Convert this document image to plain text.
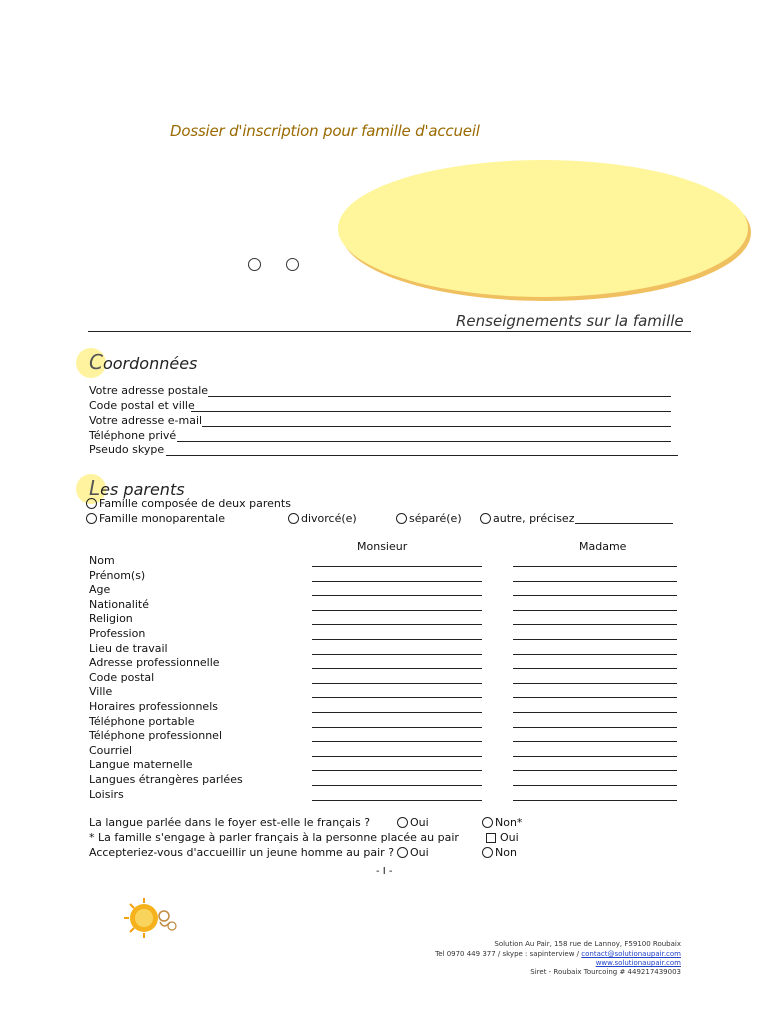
Dossier d'inscription pour famille d'accueil
Renseignements sur la famille
Coordonnées
Votre adresse postale
Code postal et ville
Votre adresse e-mail
Téléphone privé
Pseudo skype
Les parents
Famille composée de deux parents
Famille monoparentale	divorcé(e)	séparé(e)	autre, précisez
Monsieur	Madame
Nom
Prénom(s)
Age
Nationalité
Religion
Profession
Lieu de travail
Adresse professionnelle
Code postal
Ville
Horaires professionnels
Téléphone portable
Téléphone professionnel
Courriel
Langue maternelle
Langues étrangères parlées
Loisirs
La langue parlée dans le foyer est-elle le français ?	Oui	Non*
* La famille s'engage à parler français à la personne placée au pair	Oui
Accepteriez-vous d'accueillir un jeune homme au pair ? Oui	Non
- I -
Solution Au Pair, 158 rue de Lannoy, F59100 Roubaix
Tel 0970 449 377 / skype : sapinterview / contact@solutionaupair.com
www.solutionaupair.com
Siret - Roubaix Tourcoing # 449217439003
